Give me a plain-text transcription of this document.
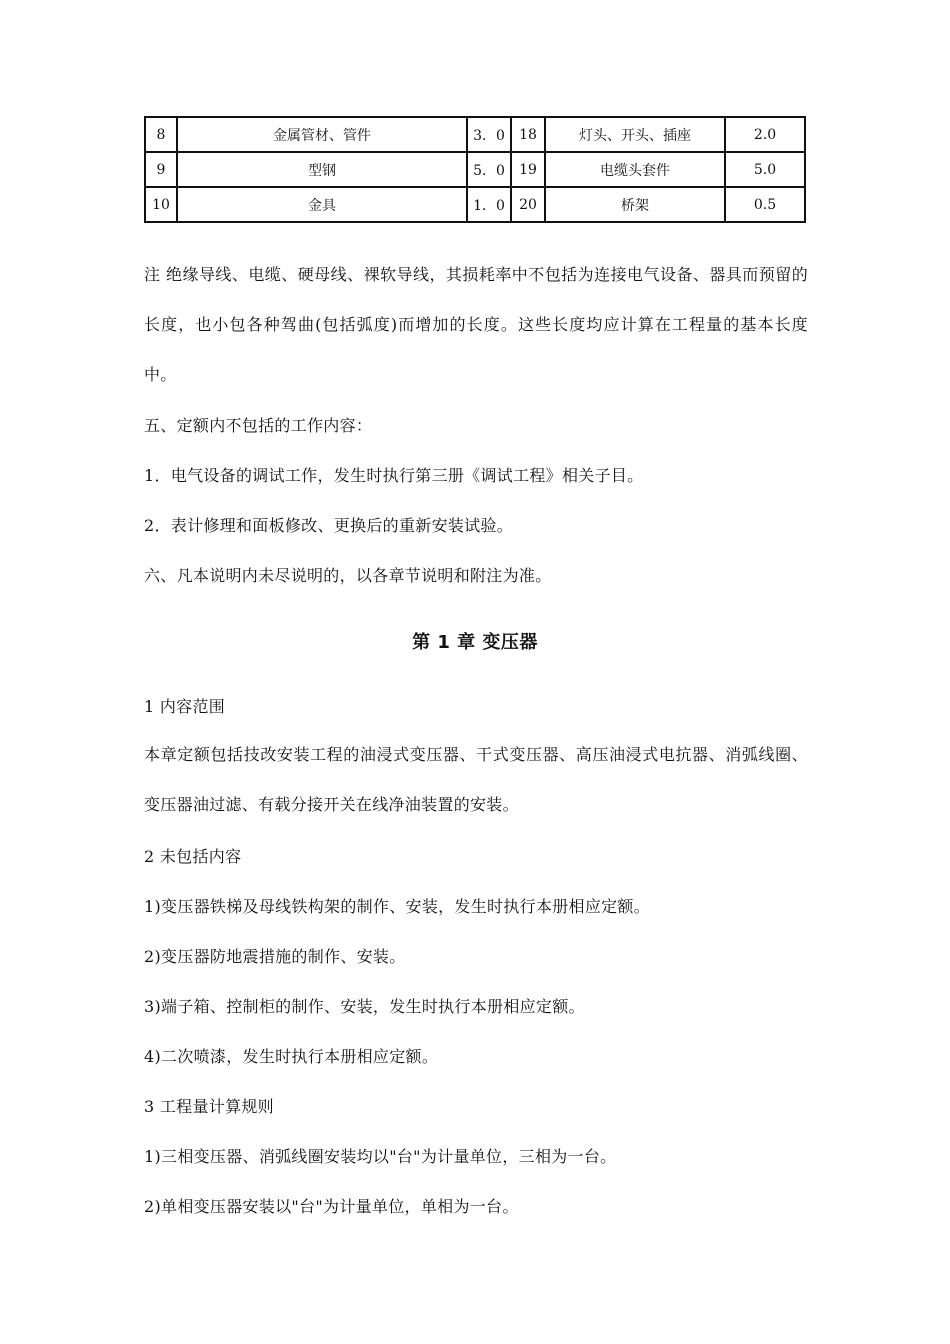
8	金属管材、管件	3．0	18	灯头、开头、插座	2.0
9	型钢	5．0	19	电缆头套件	5.0
10	金具	1．0	20	桥架	0.5
注 绝缘导线、电缆、硬母线、裸软导线，其损耗率中不包括为连接电气设备、器具而预留的长度，也小包各种驾曲(包括弧度)而增加的长度。这些长度均应计算在工程量的基本长度中。
五、定额内不包括的工作内容：
1．电气设备的调试工作，发生时执行第三册《调试工程》相关子目。
2．表计修理和面板修改、更换后的重新安装试验。
六、凡本说明内未尽说明的，以各章节说明和附注为准。
第 1 章 变压器
1 内容范围
本章定额包括技改安装工程的油浸式变压器、干式变压器、高压油浸式电抗器、消弧线圈、变压器油过滤、有载分接开关在线净油装置的安装。
2 未包括内容
1)变压器铁梯及母线铁构架的制作、安装，发生时执行本册相应定额。
2)变压器防地震措施的制作、安装。
3)端子箱、控制柜的制作、安装，发生时执行本册相应定额。
4)二次喷漆，发生时执行本册相应定额。
3 工程量计算规则
1)三相变压器、消弧线圈安装均以"台"为计量单位，三相为一台。
2)单相变压器安装以"台"为计量单位，单相为一台。
